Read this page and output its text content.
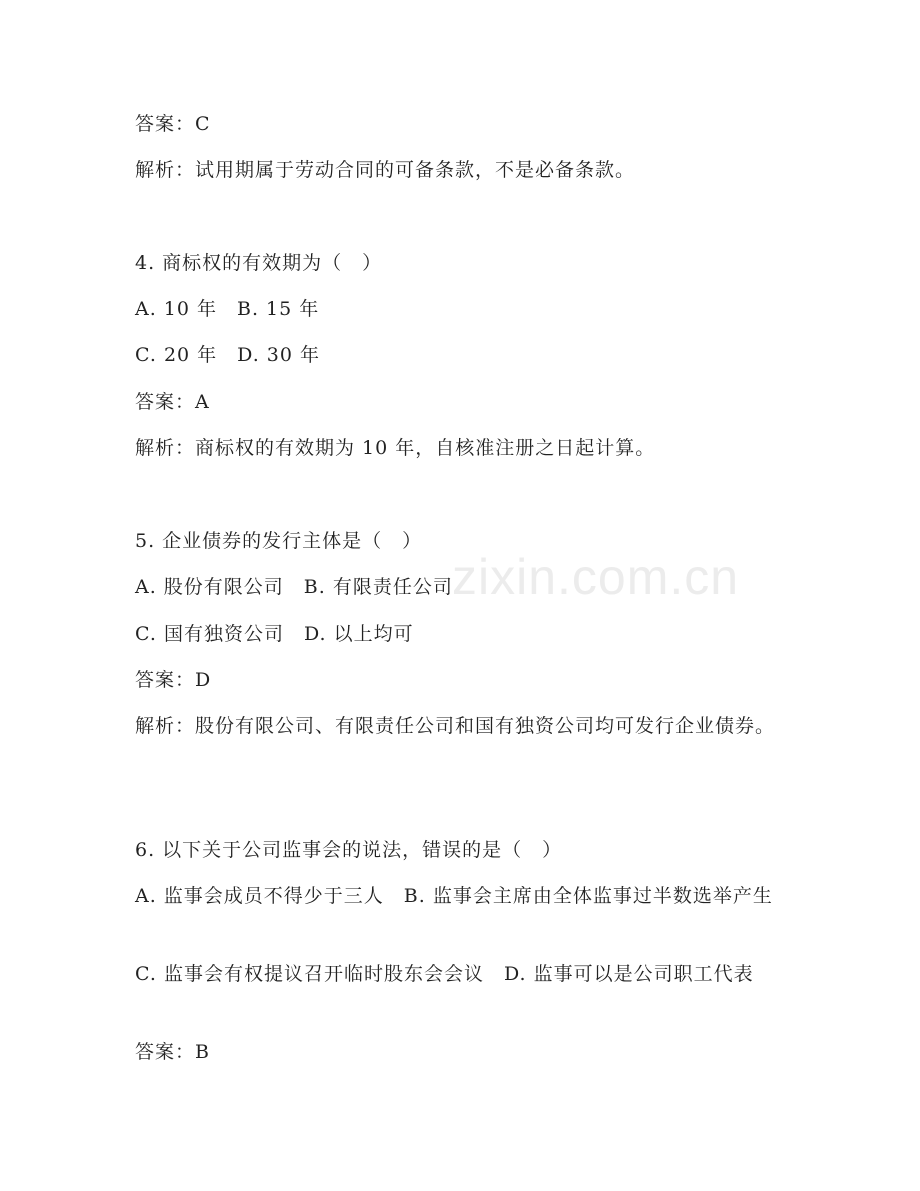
zixin.com.cn
答案：C
解析：试用期属于劳动合同的可备条款，不是必备条款。
4. 商标权的有效期为（　）
A. 10 年　B. 15 年
C. 20 年　D. 30 年
答案：A
解析：商标权的有效期为 10 年，自核准注册之日起计算。
5. 企业债券的发行主体是（　）
A. 股份有限公司　B. 有限责任公司
C. 国有独资公司　D. 以上均可
答案：D
解析：股份有限公司、有限责任公司和国有独资公司均可发行企业债券。
6. 以下关于公司监事会的说法，错误的是（　）
A. 监事会成员不得少于三人　B. 监事会主席由全体监事过半数选举产生
C. 监事会有权提议召开临时股东会会议　D. 监事可以是公司职工代表
答案：B
